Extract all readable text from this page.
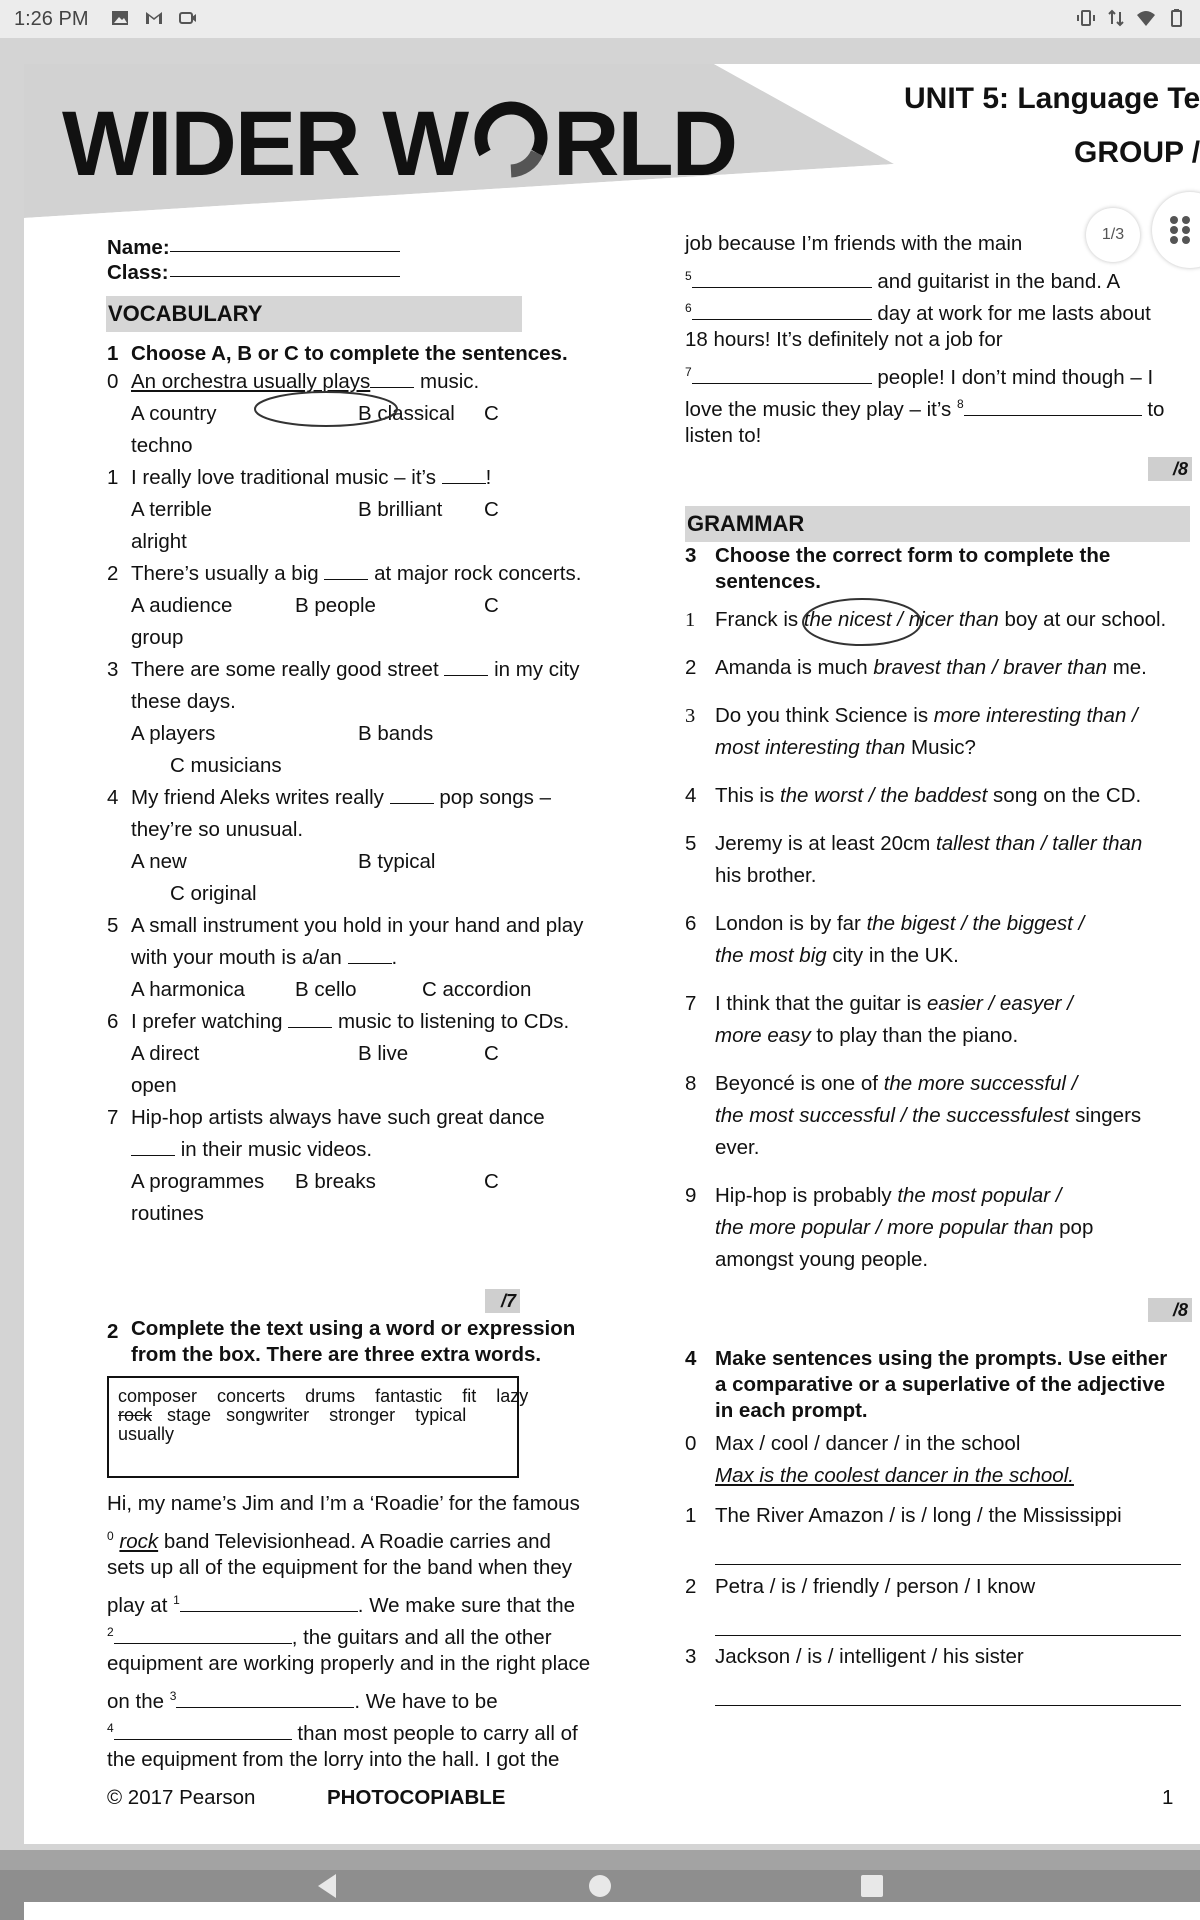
1:26 PM
WIDER W RLD	UNIT 5: Language Te
GROUP /
1/3
Name:
Class:
VOCABULARY
1 Choose A, B or C to complete the sentences.
0 An orchestra usually plays music.
A country	B classical C
techno
1 I really love traditional music – it’s !
A terrible	B brilliant C
alright
2 There’s usually a big	at major rock concerts.
A audience	B people	C
group
3 There are some really good street	in my city
these days.
A players	B bands
C musicians
4 My friend Aleks writes really	pop songs –
they’re so unusual.
A new	B typical
C original
5 A small instrument you hold in your hand and play
with your mouth is a/an .
A harmonica B cello	C accordion
6 I prefer watching	music to listening to CDs.
A direct	B live	C
open
7 Hip-hop artists always have such great dance
in their music videos.
A programmes B breaks	C
routines
/7
2 Complete the text using a word or expression
from the box. There are three extra words.
composer concerts drums fantastic fit lazy
rock stage songwriter stronger typical
usually
Hi, my name’s Jim and I’m a ‘Roadie’ for the famous
$^0$ rock band Televisionhead. A Roadie carries and
sets up all of the equipment for the band when they
play at $^1$	. We make sure that the
$^2$	, the guitars and all the other
equipment are working properly and in the right place
on the $^3$	. We have to be
$^4$	than most people to carry all of
the equipment from the lorry into the hall. I got the
© 2017 Pearson	PHOTOCOPIABLE
job because I’m friends with the main
$^5$	and guitarist in the band. A
$^6$	day at work for me lasts about
18 hours! It’s definitely not a job for
$^7$	people! I don’t mind though – I
love the music they play – it’s $^8$	to
listen to!
/8
GRAMMAR
3 Choose the correct form to complete the
sentences.
1 Franck is the nicest / nicer than boy at our school.
2 Amanda is much bravest than / braver than me.
3 Do you think Science is more interesting than /
most interesting than Music?
4 This is the worst / the baddest song on the CD.
5 Jeremy is at least 20cm tallest than / taller than
his brother.
6 London is by far the bigest / the biggest /
the most big city in the UK.
7 I think that the guitar is easier / easyer /
more easy to play than the piano.
8 Beyoncé is one of the more successful /
the most successful / the successfulest singers
ever.
9 Hip-hop is probably the most popular /
the more popular / more popular than pop
amongst young people.
/8
4 Make sentences using the prompts. Use either
a comparative or a superlative of the adjective
in each prompt.
0 Max / cool / dancer / in the school
Max is the coolest dancer in the school.
1 The River Amazon / is / long / the Mississippi
2 Petra / is / friendly / person / I know
3 Jackson / is / intelligent / his sister
1
